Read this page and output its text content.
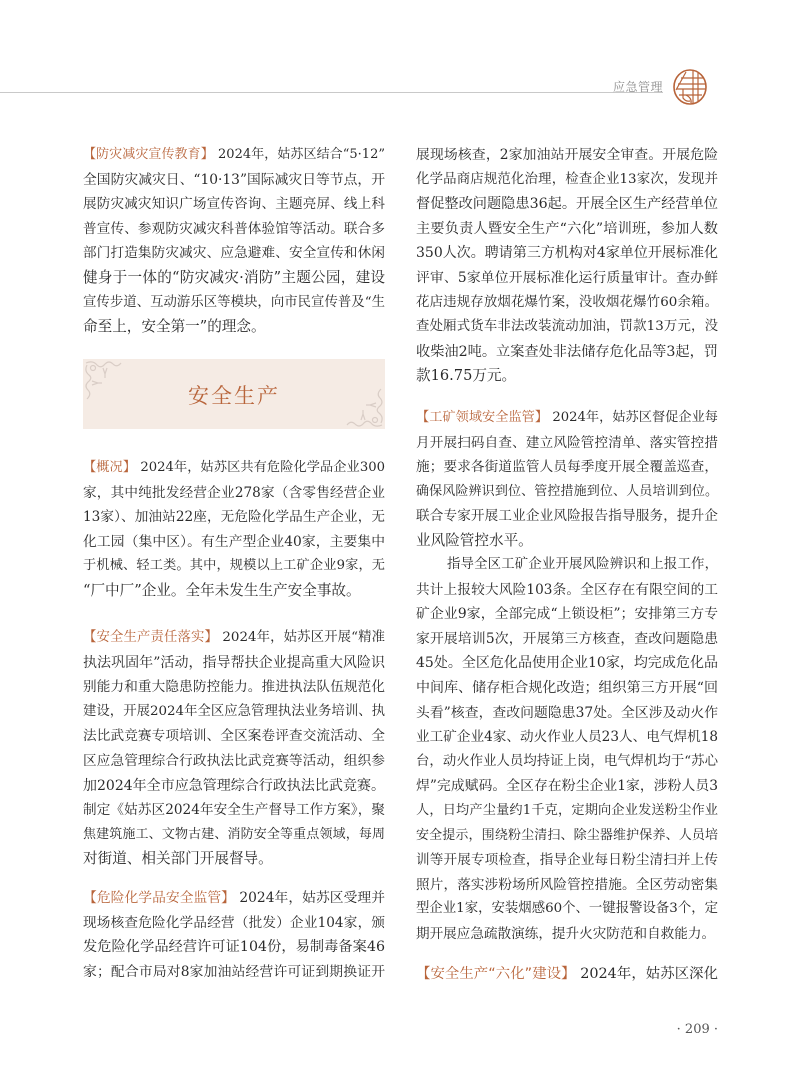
应急管理
【防灾减灾宣传教育】 2024年，姑苏区结合“5·12”
全国防灾减灾日、“10·13”国际减灾日等节点，开
展防灾减灾知识广场宣传咨询、主题亮屏、线上科
普宣传、参观防灾减灾科普体验馆等活动。联合多
部门打造集防灾减灾、应急避难、安全宣传和休闲
健身于一体的“防灾减灾·消防”主题公园，建设
宣传步道、互动游乐区等模块，向市民宣传普及“生
命至上，安全第一”的理念。
安全生产
【概况】 2024年，姑苏区共有危险化学品企业300
家，其中纯批发经营企业278家（含零售经营企业
13家）、加油站22座，无危险化学品生产企业，无
化工园（集中区）。有生产型企业40家，主要集中
于机械、轻工类。其中，规模以上工矿企业9家，无
“厂中厂”企业。全年未发生生产安全事故。
【安全生产责任落实】 2024年，姑苏区开展“精准
执法巩固年”活动，指导帮扶企业提高重大风险识
别能力和重大隐患防控能力。推进执法队伍规范化
建设，开展2024年全区应急管理执法业务培训、执
法比武竞赛专项培训、全区案卷评查交流活动、全
区应急管理综合行政执法比武竞赛等活动，组织参
加2024年全市应急管理综合行政执法比武竞赛。
制定《姑苏区2024年安全生产督导工作方案》，聚
焦建筑施工、文物古建、消防安全等重点领域，每周
对街道、相关部门开展督导。
【危险化学品安全监管】 2024年，姑苏区受理并
现场核查危险化学品经营（批发）企业104家，颁
发危险化学品经营许可证104份，易制毒备案46
家；配合市局对8家加油站经营许可证到期换证开
展现场核查，2家加油站开展安全审查。开展危险
化学品商店规范化治理，检查企业13家次，发现并
督促整改问题隐患36起。开展全区生产经营单位
主要负责人暨安全生产“六化”培训班，参加人数
350人次。聘请第三方机构对4家单位开展标准化
评审、5家单位开展标准化运行质量审计。查办鲜
花店违规存放烟花爆竹案，没收烟花爆竹60余箱。
查处厢式货车非法改装流动加油，罚款13万元，没
收柴油2吨。立案查处非法储存危化品等3起，罚
款16.75万元。
【工矿领域安全监管】 2024年，姑苏区督促企业每
月开展扫码自查、建立风险管控清单、落实管控措
施；要求各街道监管人员每季度开展全覆盖巡查，
确保风险辨识到位、管控措施到位、人员培训到位。
联合专家开展工业企业风险报告指导服务，提升企
业风险管控水平。
指导全区工矿企业开展风险辨识和上报工作，
共计上报较大风险103条。全区存在有限空间的工
矿企业9家，全部完成“上锁设柜”；安排第三方专
家开展培训5次，开展第三方核查，查改问题隐患
45处。全区危化品使用企业10家，均完成危化品
中间库、储存柜合规化改造；组织第三方开展“回
头看”核查，查改问题隐患37处。全区涉及动火作
业工矿企业4家、动火作业人员23人、电气焊机18
台，动火作业人员均持证上岗，电气焊机均于“苏心
焊”完成赋码。全区存在粉尘企业1家，涉粉人员3
人，日均产尘量约1千克，定期向企业发送粉尘作业
安全提示，围绕粉尘清扫、除尘器维护保养、人员培
训等开展专项检查，指导企业每日粉尘清扫并上传
照片，落实涉粉场所风险管控措施。全区劳动密集
型企业1家，安装烟感60个、一键报警设备3个，定
期开展应急疏散演练，提升火灾防范和自救能力。
【安全生产“六化”建设】 2024年，姑苏区深化
· 209 ·
